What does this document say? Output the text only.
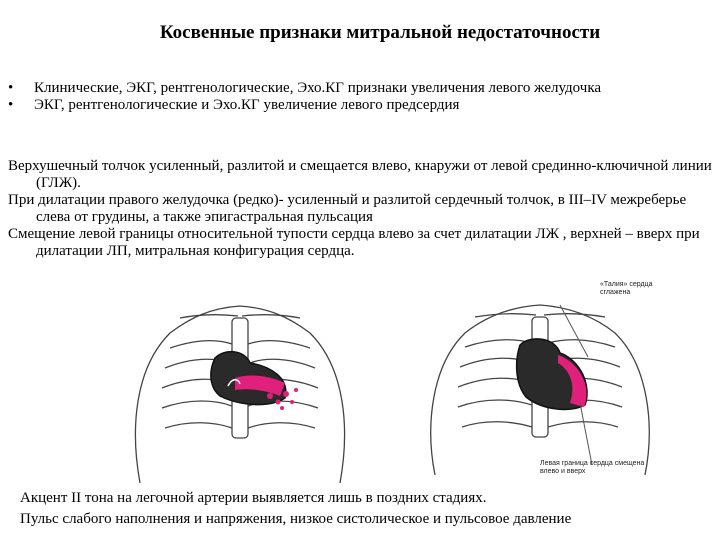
Косвенные признаки митральной недостаточности
• Клинические, ЭКГ, рентгенологические, Эхо.КГ признаки увеличения левого желудочка
• ЭКГ, рентгенологические и Эхо.КГ увеличение левого предсердия

Верхушечный толчок усиленный, разлитой и смещается влево, кнаружи от левой срединно-ключичной линии (ГЛЖ).

При дилатации правого желудочка (редко)- усиленный и разлитой сердечный толчок, в III–IV межреберье слева от грудины, а также эпигастральная пульсация

Смещение левой границы относительной тупости сердца влево за счет дилатации ЛЖ , верхней – вверх при дилатации ЛП, митральная конфигурация сердца.

«Талия» сердца
сглажена
Левая граница сердца смещена
влево и вверх
Акцент II тона на легочной артерии выявляется лишь в поздних стадиях.
Пульс слабого наполнения и напряжения, низкое систолическое и пульсовое давление
